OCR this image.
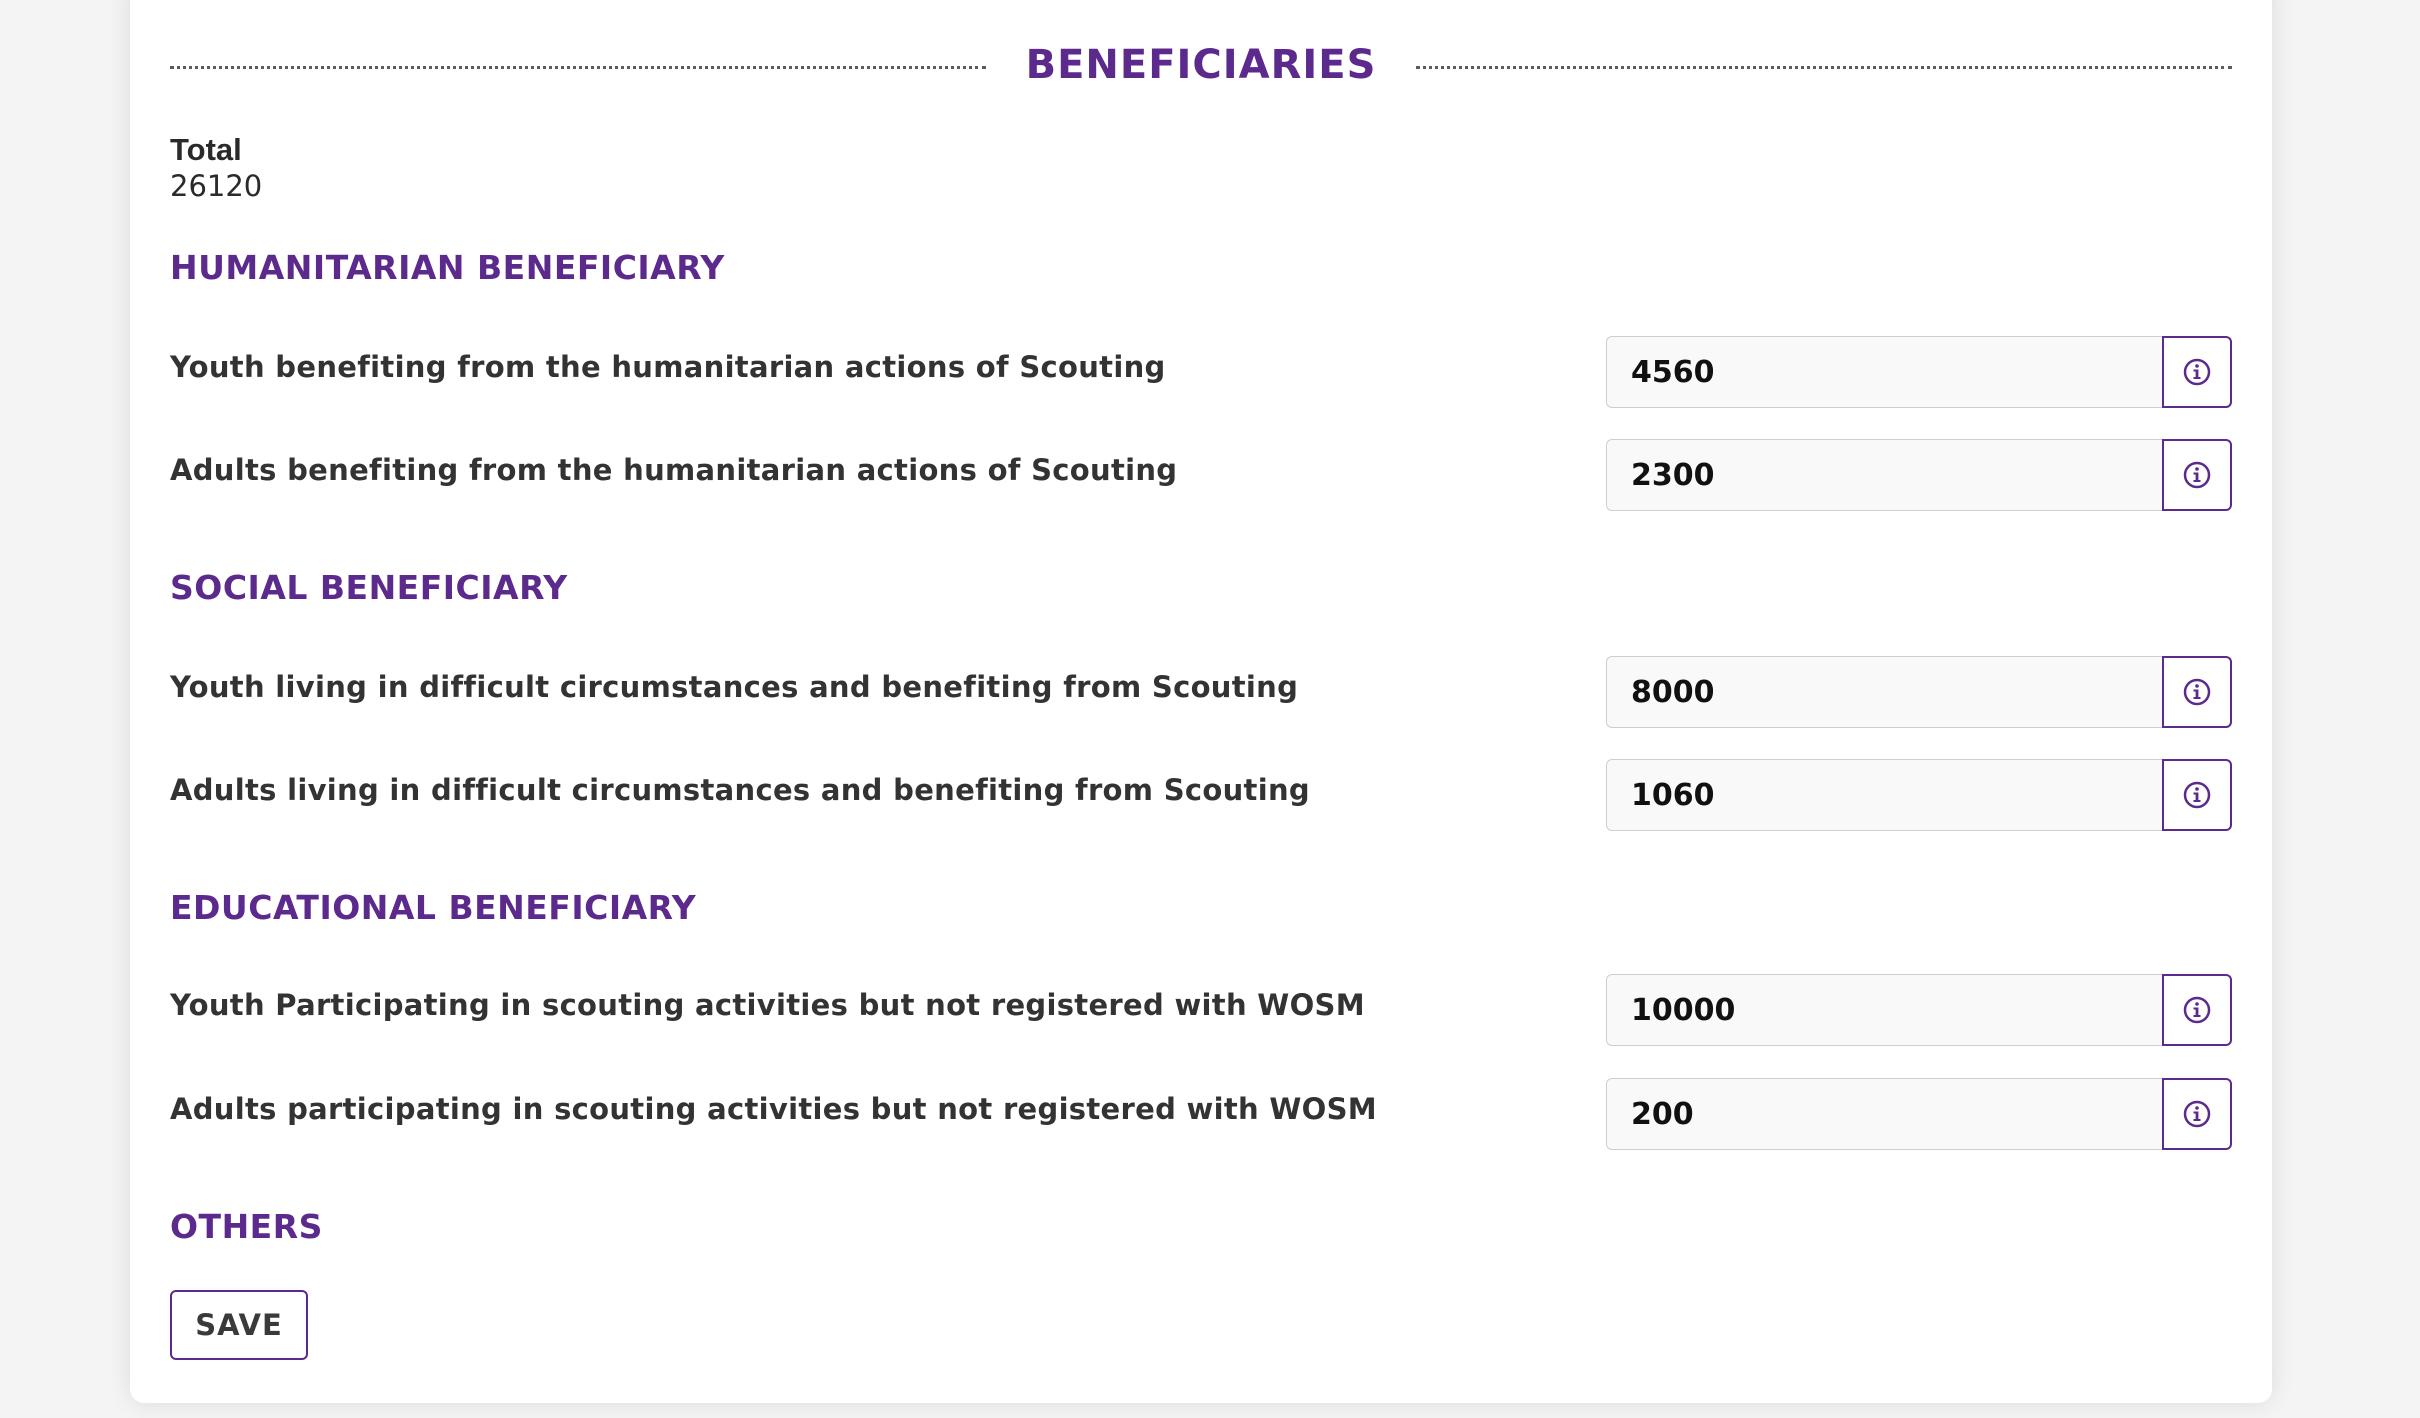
BENEFICIARIES
Total
26120
HUMANITARIAN BENEFICIARY
Youth benefiting from the humanitarian actions of Scouting
4560
Adults benefiting from the humanitarian actions of Scouting
2300
SOCIAL BENEFICIARY
Youth living in difficult circumstances and benefiting from Scouting
8000
Adults living in difficult circumstances and benefiting from Scouting
1060
EDUCATIONAL BENEFICIARY
Youth Participating in scouting activities but not registered with WOSM
10000
Adults participating in scouting activities but not registered with WOSM
200
OTHERS
SAVE
